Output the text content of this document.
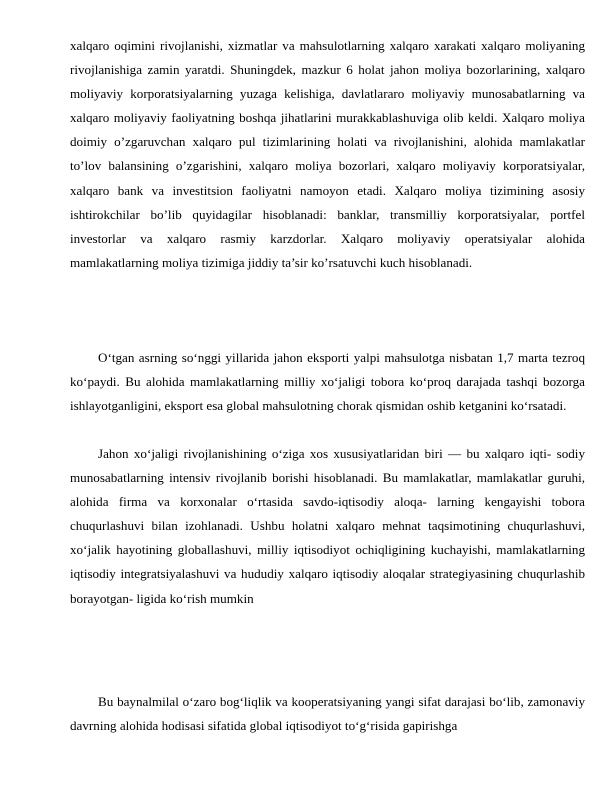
xalqaro oqimini rivojlanishi, xizmatlar va mahsulotlarning xalqaro xarakati xalqaro moliyaning rivojlanishiga zamin yaratdi. Shuningdek, mazkur 6 holat jahon moliya bozorlarining, xalqaro moliyaviy korporatsiyalarning yuzaga kelishiga, davlatlararo moliyaviy munosabatlarning va xalqaro moliyaviy faoliyatning boshqa jihatlarini murakkablashuviga olib keldi. Xalqaro moliya doimiy o’zgaruvchan xalqaro pul tizimlarining holati va rivojlanishini, alohida mamlakatlar to’lov balansining o’zgarishini, xalqaro moliya bozorlari, xalqaro moliyaviy korporatsiyalar, xalqaro bank va investitsion faoliyatni namoyon etadi. Xalqaro moliya tizimining asosiy ishtirokchilar bo’lib quyidagilar hisoblanadi: banklar, transmilliy korporatsiyalar, portfel investorlar va xalqaro rasmiy karzdorlar. Xalqaro moliyaviy operatsiyalar alohida mamlakatlarning moliya tizimiga jiddiy ta’sir ko’rsatuvchi kuch hisoblanadi.

O‘tgan asrning so‘nggi yillarida jahon eksporti yalpi mahsulotga nisbatan 1,7 marta tezroq ko‘paydi. Bu alohida mamlakatlarning milliy xo‘jaligi tobora ko‘proq darajada tashqi bozorga ishlayotganligini, eksport esa global mahsulotning chorak qismidan oshib ketganini ko‘rsatadi.

Jahon xo‘jaligi rivojlanishining o‘ziga xos xususiyatlaridan biri — bu xalqaro iqti- sodiy munosabatlarning intensiv rivojlanib borishi hisoblanadi. Bu mamlakatlar, mamlakatlar guruhi, alohida firma va korxonalar o‘rtasida savdo-iqtisodiy aloqa- larning kengayishi tobora chuqurlashuvi bilan izohlanadi. Ushbu holatni xalqaro mehnat taqsimotining chuqurlashuvi, xo‘jalik hayotining globallashuvi, milliy iqtisodiyot ochiqligining kuchayishi, mamlakatlarning iqtisodiy integratsiyalashuvi va hududiy xalqaro iqtisodiy aloqalar strategiyasining chuqurlashib borayotgan- ligida ko‘rish mumkin

Bu baynalmilal o‘zaro bog‘liqlik va kooperatsiyaning yangi sifat darajasi bo‘lib, zamonaviy davrning alohida hodisasi sifatida global iqtisodiyot to‘g‘risida gapirishga
